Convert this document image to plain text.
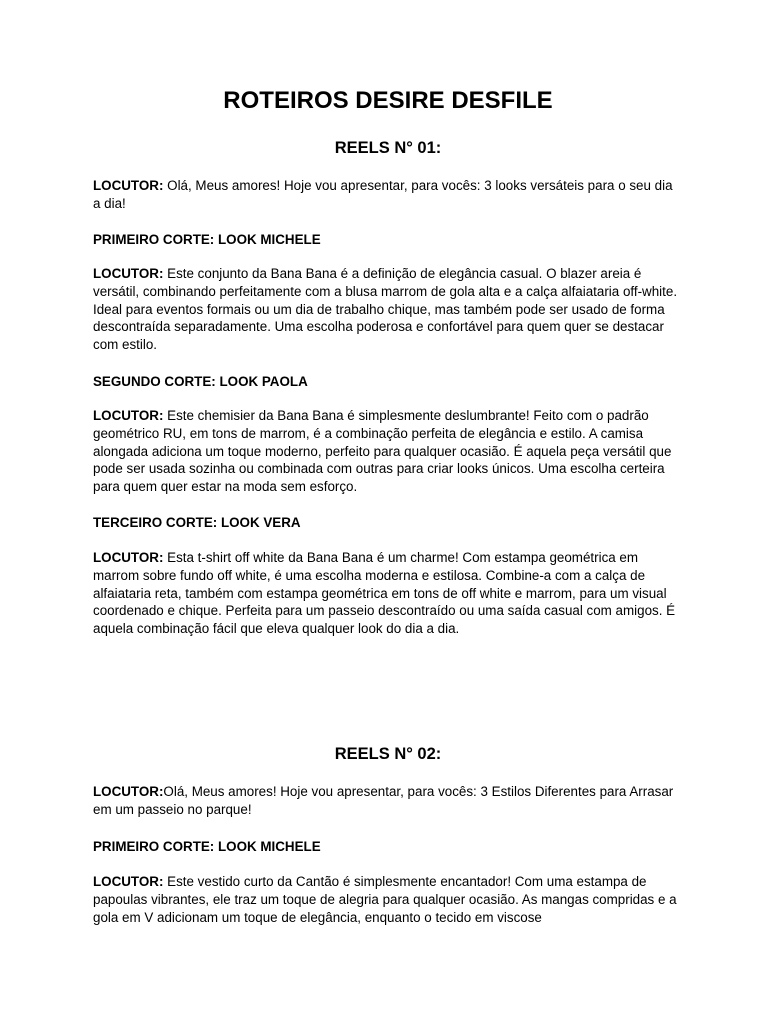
ROTEIROS DESIRE DESFILE
REELS N° 01:

LOCUTOR: Olá, Meus amores! Hoje vou apresentar, para vocês: 3 looks versáteis para o seu dia a dia!

PRIMEIRO CORTE: LOOK MICHELE

LOCUTOR: Este conjunto da Bana Bana é a definição de elegância casual. O blazer areia é versátil, combinando perfeitamente com a blusa marrom de gola alta e a calça alfaiataria off-white. Ideal para eventos formais ou um dia de trabalho chique, mas também pode ser usado de forma descontraída separadamente. Uma escolha poderosa e confortável para quem quer se destacar com estilo.

SEGUNDO CORTE: LOOK PAOLA

LOCUTOR: Este chemisier da Bana Bana é simplesmente deslumbrante! Feito com o padrão geométrico RU, em tons de marrom, é a combinação perfeita de elegância e estilo. A camisa alongada adiciona um toque moderno, perfeito para qualquer ocasião. É aquela peça versátil que pode ser usada sozinha ou combinada com outras para criar looks únicos. Uma escolha certeira para quem quer estar na moda sem esforço.

TERCEIRO CORTE: LOOK VERA

LOCUTOR: Esta t-shirt off white da Bana Bana é um charme! Com estampa geométrica em marrom sobre fundo off white, é uma escolha moderna e estilosa. Combine-a com a calça de alfaiataria reta, também com estampa geométrica em tons de off white e marrom, para um visual coordenado e chique. Perfeita para um passeio descontraído ou uma saída casual com amigos. É aquela combinação fácil que eleva qualquer look do dia a dia.

REELS N° 02:

LOCUTOR:Olá, Meus amores! Hoje vou apresentar, para vocês: 3 Estilos Diferentes para Arrasar em um passeio no parque!

PRIMEIRO CORTE: LOOK MICHELE

LOCUTOR: Este vestido curto da Cantão é simplesmente encantador! Com uma estampa de papoulas vibrantes, ele traz um toque de alegria para qualquer ocasião. As mangas compridas e a gola em V adicionam um toque de elegância, enquanto o tecido em viscose
